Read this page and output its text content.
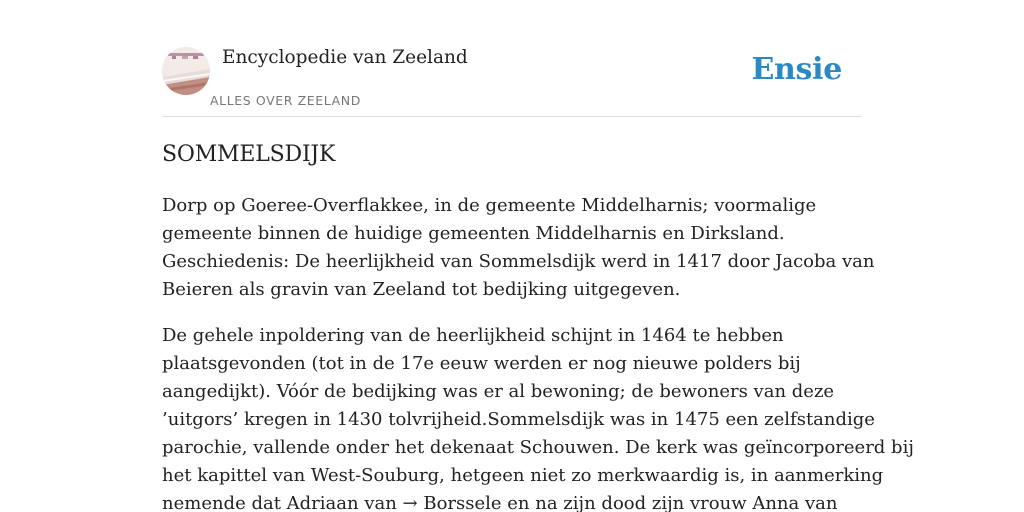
Encyclopedie van Zeeland
ALLES OVER ZEELAND
Ensie
SOMMELSDIJK

Dorp op Goeree-Overflakkee, in de gemeente Middelharnis; voormalige
gemeente binnen de huidige gemeenten Middelharnis en Dirksland.
Geschiedenis: De heerlijkheid van Sommelsdijk werd in 1417 door Jacoba van
Beieren als gravin van Zeeland tot bedijking uitgegeven.

De gehele inpoldering van de heerlijkheid schijnt in 1464 te hebben
plaatsgevonden (tot in de 17e eeuw werden er nog nieuwe polders bij
aangedijkt). Vóór de bedijking was er al bewoning; de bewoners van deze
’uitgors’ kregen in 1430 tolvrijheid.Sommelsdijk was in 1475 een zelfstandige
parochie, vallende onder het dekenaat Schouwen. De kerk was geïncorporeerd bij
het kapittel van West-Souburg, hetgeen niet zo merkwaardig is, in aanmerking
nemende dat Adriaan van → Borssele en na zijn dood zijn vrouw Anna van
